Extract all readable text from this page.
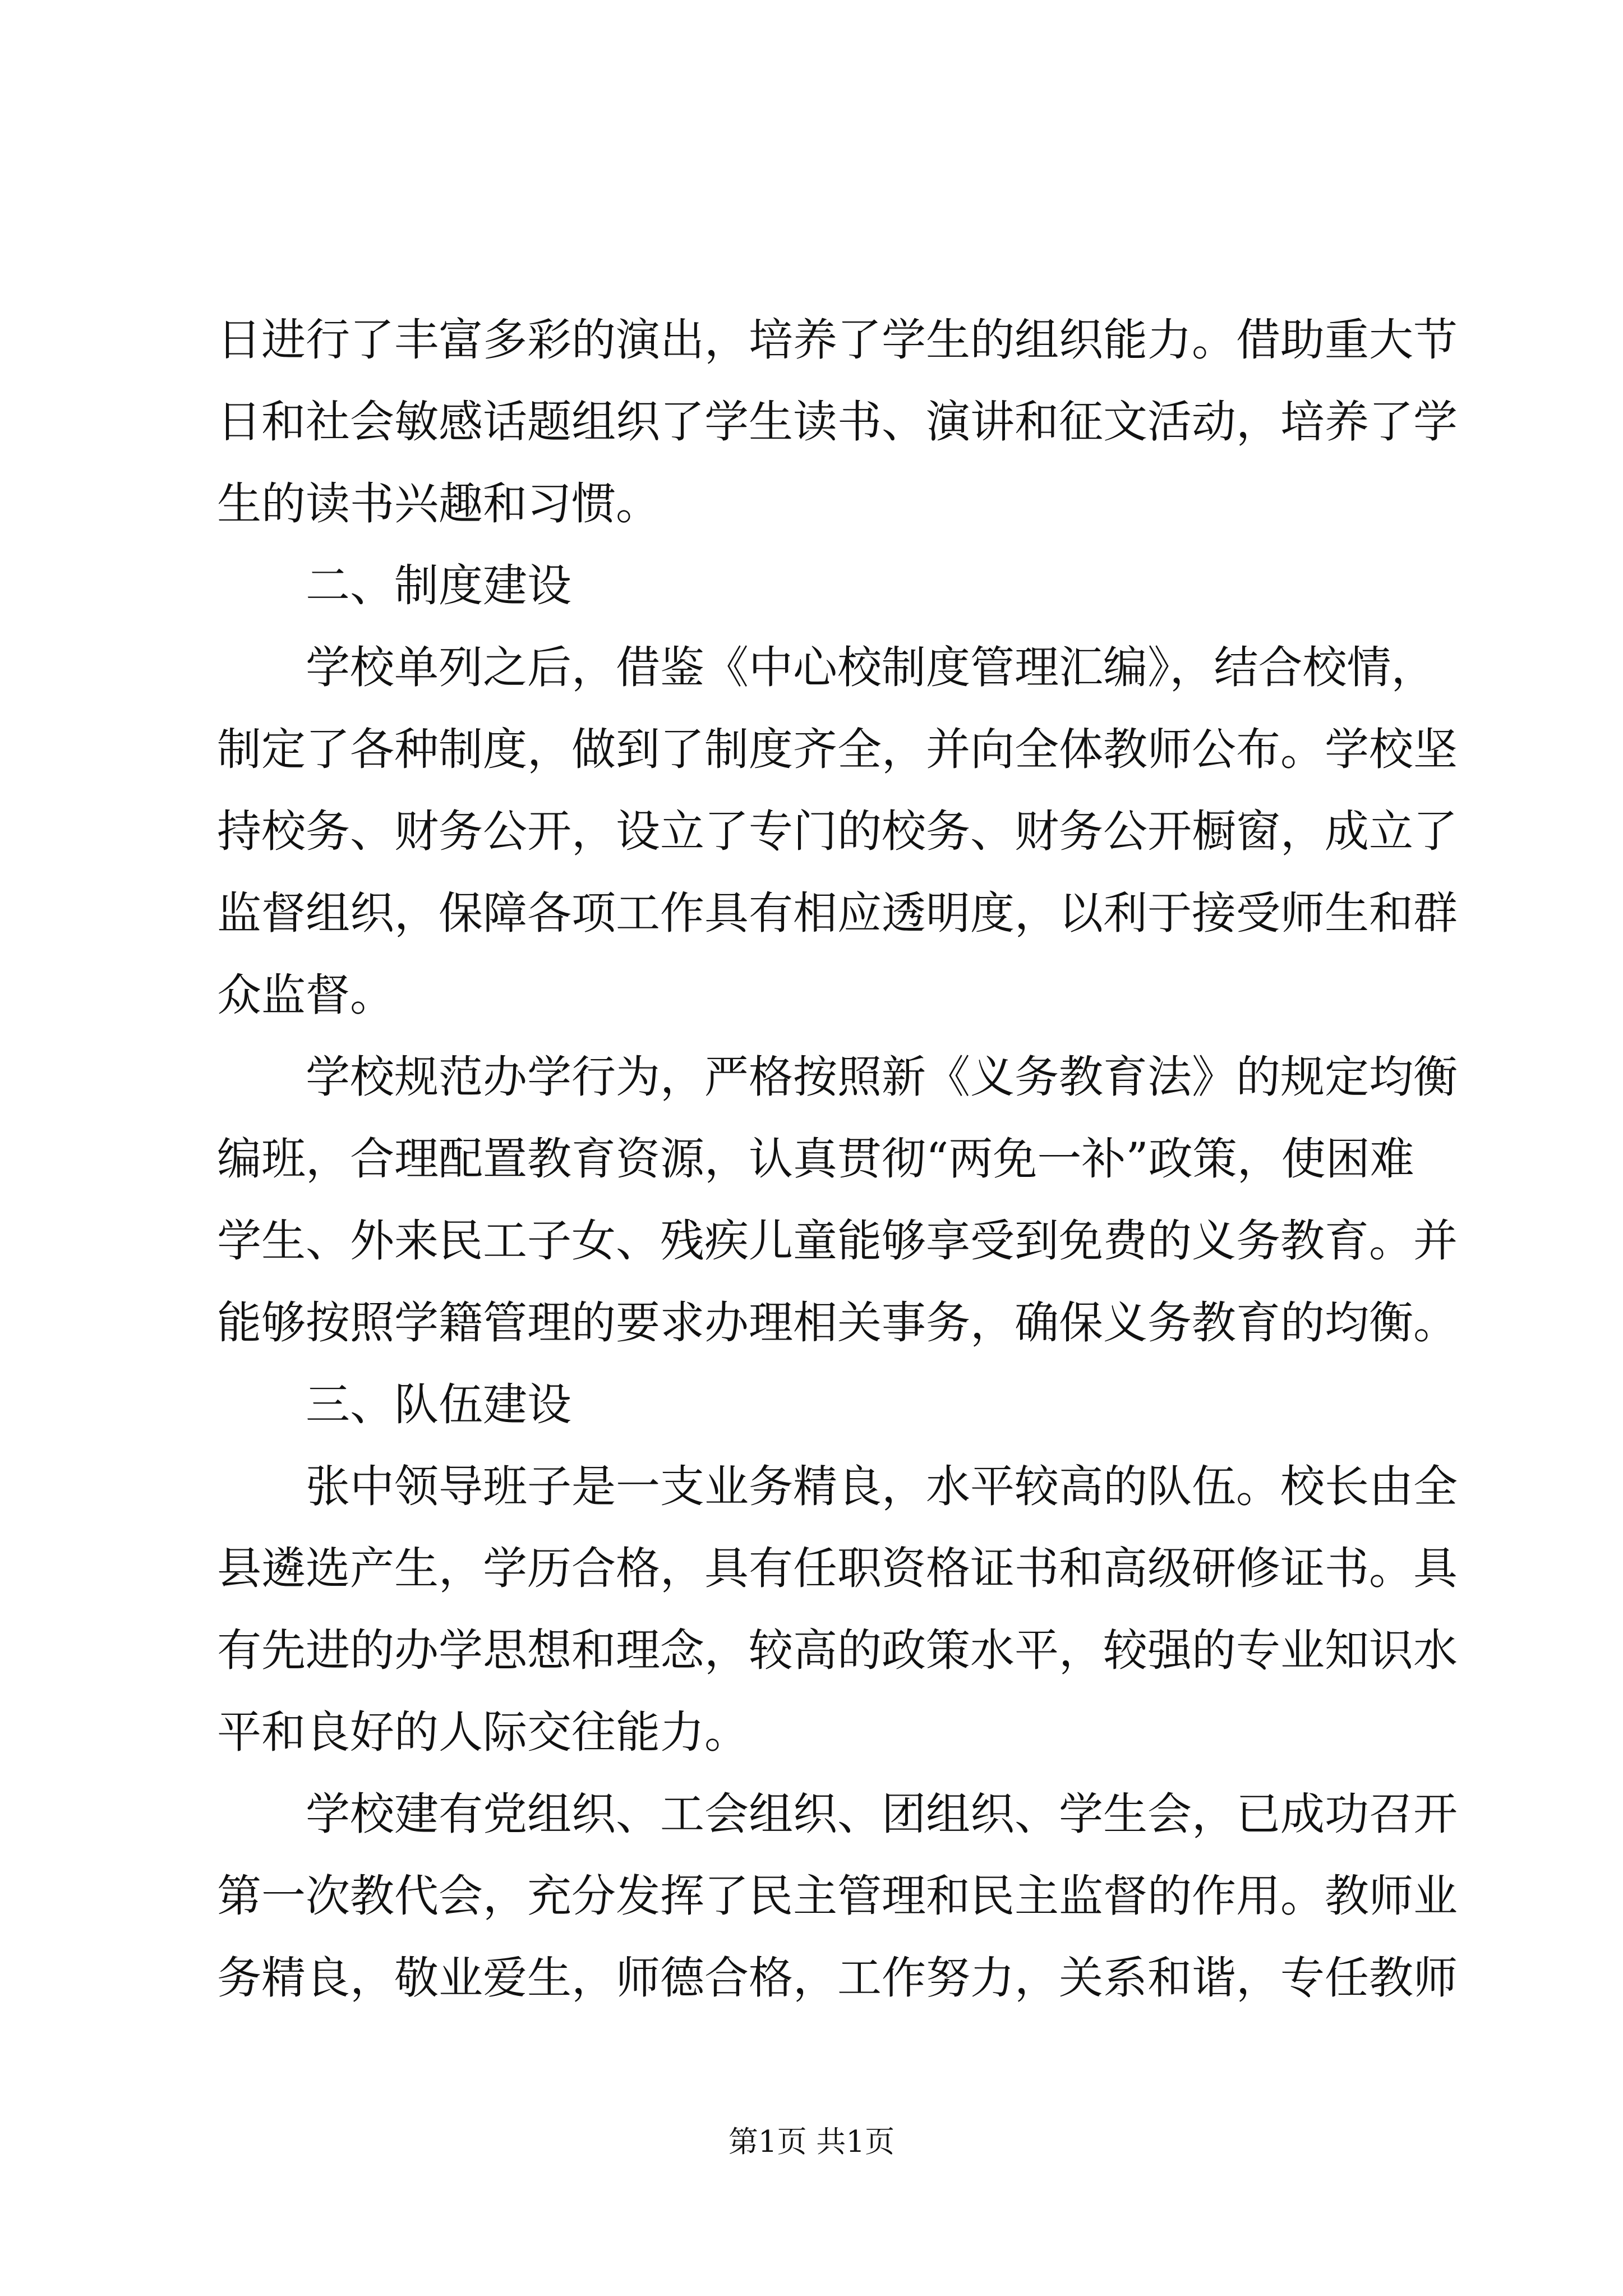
日进行了丰富多彩的演出，培养了学生的组织能力。借助重大节
日和社会敏感话题组织了学生读书、演讲和征文活动，培养了学
生的读书兴趣和习惯。
二、制度建设
学校单列之后，借鉴《中心校制度管理汇编》，结合校情，
制定了各种制度，做到了制度齐全，并向全体教师公布。学校坚
持校务、财务公开，设立了专门的校务、财务公开橱窗，成立了
监督组织，保障各项工作具有相应透明度，以利于接受师生和群
众监督。
学校规范办学行为，严格按照新《义务教育法》的规定均衡
编班，合理配置教育资源，认真贯彻“两免一补”政策，使困难
学生、外来民工子女、残疾儿童能够享受到免费的义务教育。并
能够按照学籍管理的要求办理相关事务，确保义务教育的均衡。
三、队伍建设
张中领导班子是一支业务精良，水平较高的队伍。校长由全
县遴选产生，学历合格，具有任职资格证书和高级研修证书。具
有先进的办学思想和理念，较高的政策水平，较强的专业知识水
平和良好的人际交往能力。
学校建有党组织、工会组织、团组织、学生会，已成功召开
第一次教代会，充分发挥了民主管理和民主监督的作用。教师业
务精良，敬业爱生，师德合格，工作努力，关系和谐，专任教师
第1页 共1页
